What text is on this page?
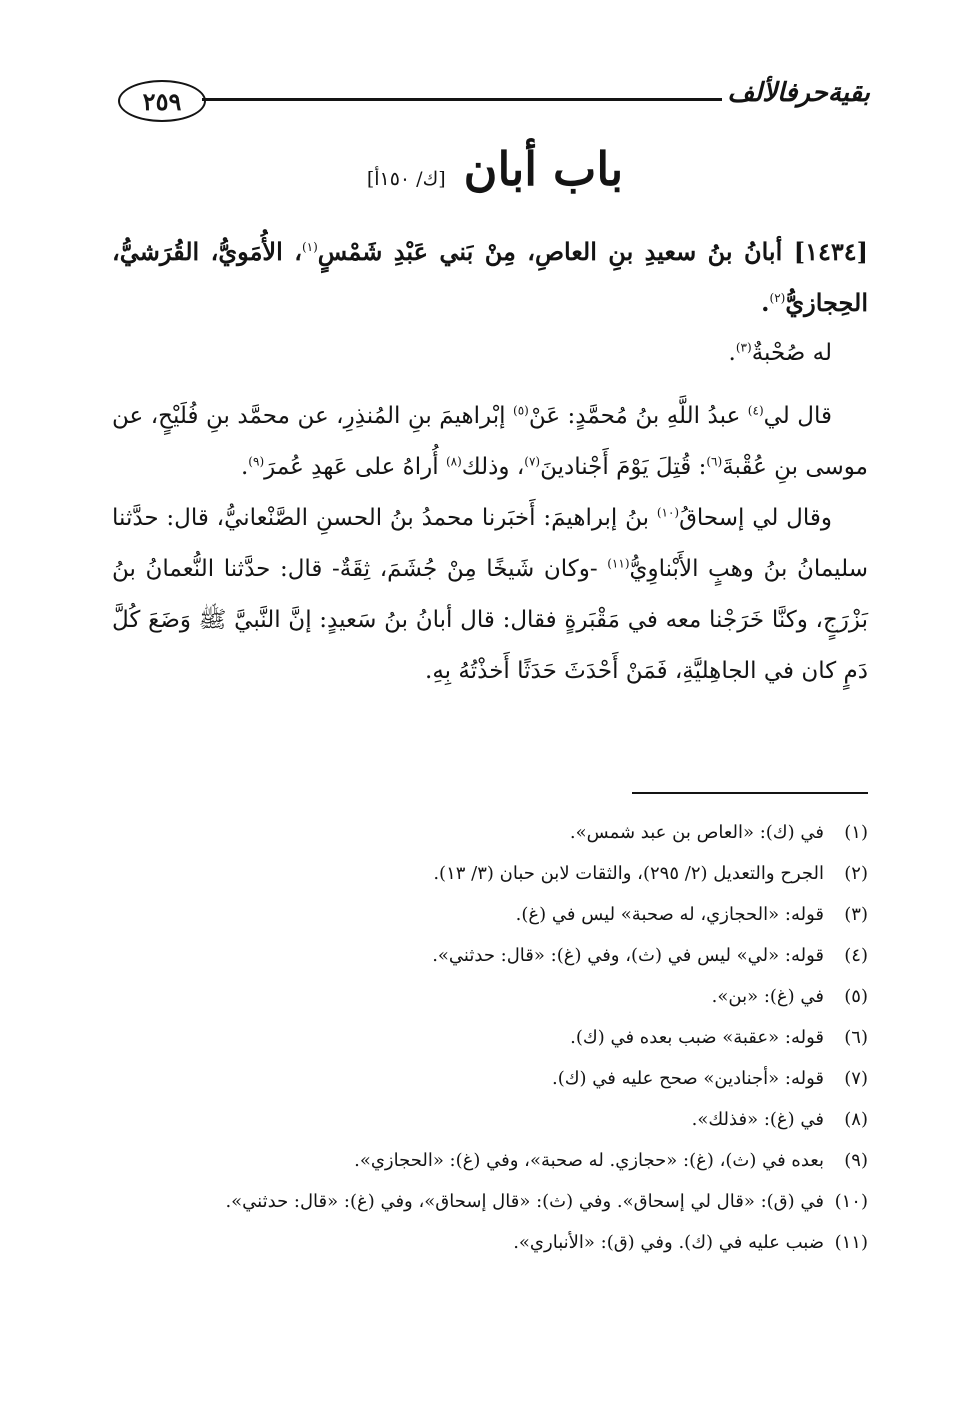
٢٥٩	بقيةحرفالألف
باب أبان
[ك/ ١٥٠أ]

[١٤٣٤] أبانُ بنُ سعيدِ بنِ العاصِ، مِنْ بَني عَبْدِ شَمْسٍ$^{(١)}$، الأُمَويُّ، القُرَشيُّ، الحِجازيُّ$^{(٢)}$.

له صُحْبةٌ$^{(٣)}$.

قال لي$^{(٤)}$ عبدُ اللَّهِ بنُ مُحمَّدٍ: عَنْ$^{(٥)}$ إبْراهيمَ بنِ المُنذِرِ، عن محمَّد بنِ فُلَيْحٍ، عن موسى بنِ عُقْبةَ$^{(٦)}$: قُتِلَ يَوْمَ أَجْنادينَ$^{(٧)}$، وذلك$^{(٨)}$ أُراهُ على عَهدِ عُمرَ$^{(٩)}$.

وقال لي إسحاقُ$^{(١٠)}$ بنُ إبراهيمَ: أَخبَرنا محمدُ بنُ الحسنِ الصَّنْعانيُّ، قال: حدَّثنا سليمانُ بنُ وهبٍ الأَبْناوِيُّ$^{(١١)}$ -وكان شَيخًا مِنْ جُشَمَ، ثِقَةٌ- قال: حدَّثنا النُّعمانُ بنُ بَزْرَجٍ، وكنَّا خَرَجْنا معه في مَقْبَرةٍ فقال: قال أبانُ بنُ سَعيدٍ: إنَّ النَّبيَّ ﷺ وَضَعَ كُلَّ دَمٍ كان في الجاهِليَّةِ، فَمَنْ أَحْدَثَ حَدَثًا أَخذْتُهُ بِهِ.

(١)في (ك): «العاص بن عبد شمس».
(٢)الجرح والتعديل (٢/ ٢٩٥)، والثقات لابن حبان (٣/ ١٣).
(٣)قوله: «الحجازي، له صحبة» ليس في (غ).
(٤)قوله: «لي» ليس في (ث)، وفي (غ): «قال: حدثني».
(٥)في (غ): «بن».
(٦)قوله: «عقبة» ضبب بعده في (ك).
(٧)قوله: «أجنادين» صحح عليه في (ك).
(٨)في (غ): «فذلك».
(٩)بعده في (ث)، (غ): «حجازي. له صحبة»، وفي (غ): «الحجازي».
(١٠)في (ق): «قال لي إسحاق». وفي (ث): «قال إسحاق»، وفي (غ): «قال: حدثني».
(١١)ضبب عليه في (ك). وفي (ق): «الأنباري».
